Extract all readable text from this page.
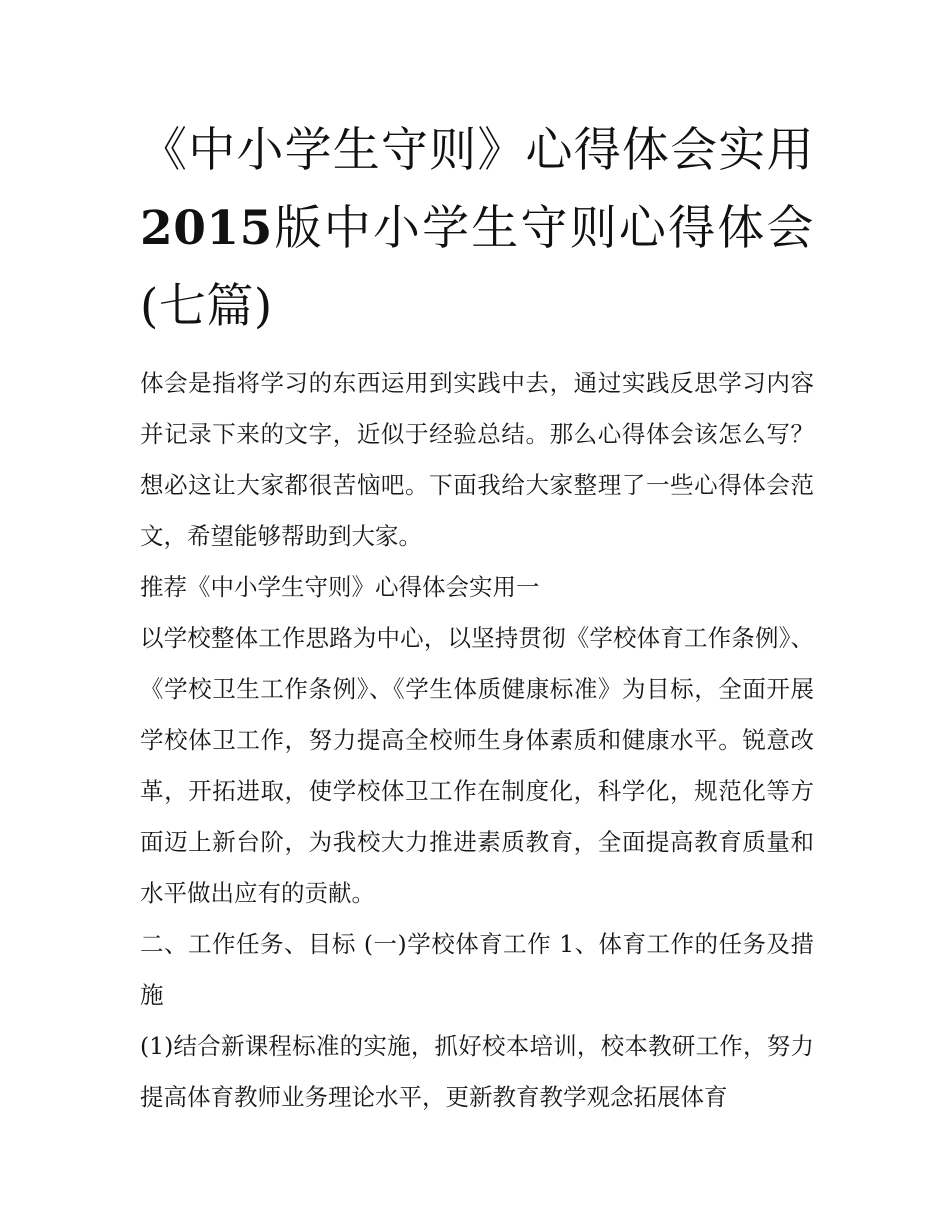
《中小学生守则》心得体会实用2015版中小学生守则心得体会(七篇)

体会是指将学习的东西运用到实践中去，通过实践反思学习内容并记录下来的文字，近似于经验总结。那么心得体会该怎么写？想必这让大家都很苦恼吧。下面我给大家整理了一些心得体会范文，希望能够帮助到大家。

推荐《中小学生守则》心得体会实用一

以学校整体工作思路为中心，以坚持贯彻《学校体育工作条例》、《学校卫生工作条例》、《学生体质健康标准》为目标，全面开展学校体卫工作，努力提高全校师生身体素质和健康水平。锐意改革，开拓进取，使学校体卫工作在制度化，科学化，规范化等方面迈上新台阶，为我校大力推进素质教育，全面提高教育质量和水平做出应有的贡献。

二、工作任务、目标 (一)学校体育工作 1、体育工作的任务及措施

(1)结合新课程标准的实施，抓好校本培训，校本教研工作，努力提高体育教师业务理论水平，更新教育教学观念拓展体育
